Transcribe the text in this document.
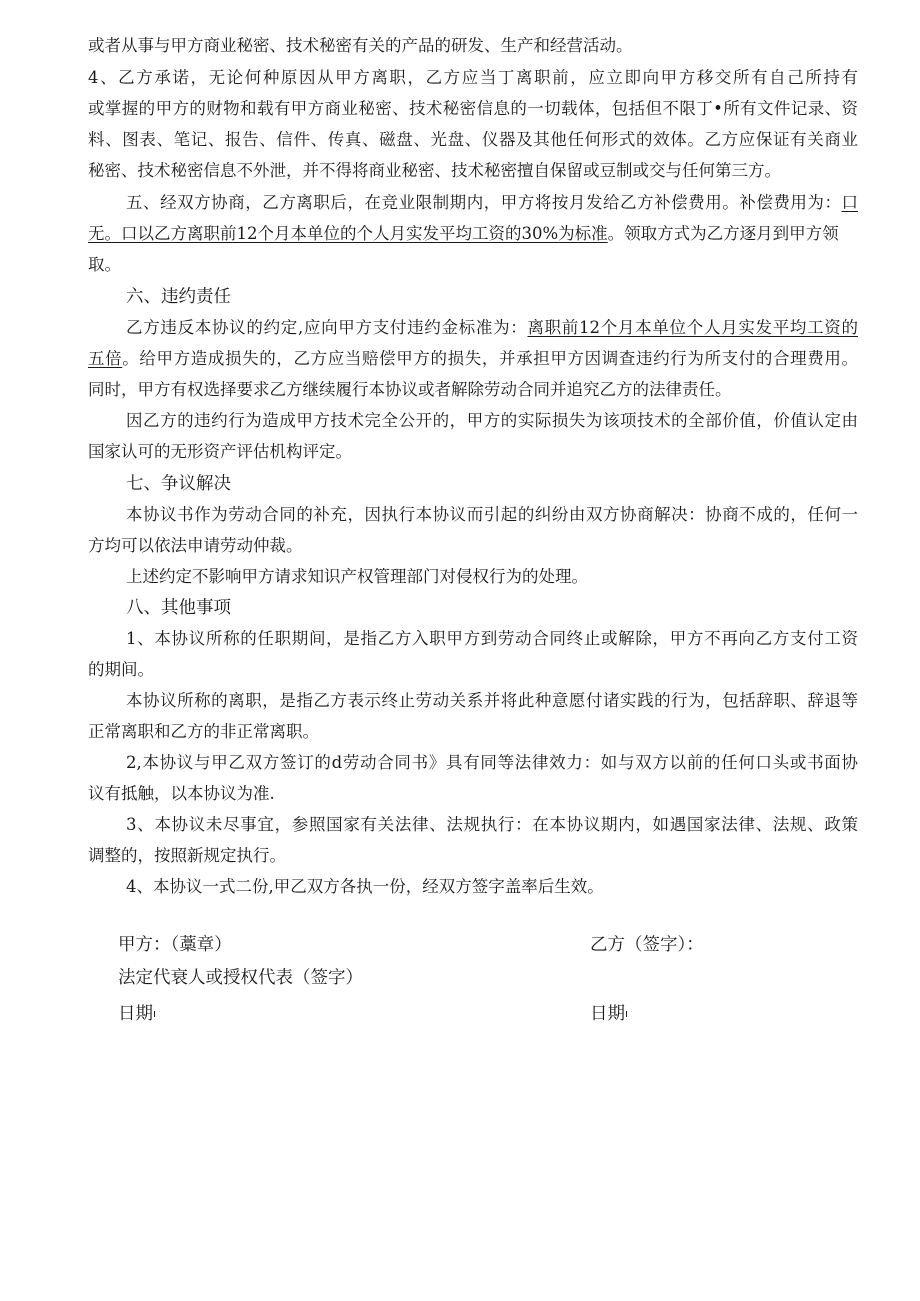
或者从事与甲方商业秘密、技术秘密有关的产品的研发、生产和经营活动。
4、乙方承诺，无论何种原因从甲方离职，乙方应当丁离职前，应立即向甲方移交所有自己所持有
或掌握的甲方的财物和载有甲方商业秘密、技术秘密信息的一切载体，包括但不限丁•所有文件记录、资
料、图表、笔记、报告、信件、传真、磁盘、光盘、仪器及其他任何形式的效体。乙方应保证有关商业
秘密、技术秘密信息不外泄，并不得将商业秘密、技术秘密擅自保留或豆制或交与任何第三方。
五、经双方协商，乙方离职后，在竞业限制期内，甲方将按月发给乙方补偿费用。补偿费用为：口
无。口以乙方离职前12个月本单位的个人月实发平均工资的30%为标准。领取方式为乙方逐月到甲方领
取。
六、违约责任
乙方违反本协议的约定,应向甲方支付违约金标准为：离职前12个月本单位个人月实发平均工资的
五倍。给甲方造成损失的，乙方应当赔偿甲方的损失，并承担甲方因调查违约行为所支付的合理费用。
同时，甲方有权选择要求乙方继续履行本协议或者解除劳动合同并追究乙方的法律责任。
因乙方的违约行为造成甲方技术完全公开的，甲方的实际损失为该项技术的全部价值，价值认定由
国家认可的无形资产评估机构评定。
七、争议解决
本协议书作为劳动合同的补充，因执行本协议而引起的纠纷由双方协商解决：协商不成的，任何一
方均可以依法申请劳动仲裁。
上述约定不影响甲方请求知识产权管理部门对侵权行为的处理。
八、其他事项
1、本协议所称的任职期间，是指乙方入职甲方到劳动合同终止或解除，甲方不再向乙方支付工资
的期间。
本协议所称的离职，是指乙方表示终止劳动关系并将此种意愿付诸实践的行为，包括辞职、辞退等
正常离职和乙方的非正常离职。
2,本协议与甲乙双方签订的d劳动合同书》具有同等法律效力：如与双方以前的任何口头或书面协
议有抵触，以本协议为准.
3、本协议未尽事宜，参照国家有关法律、法规执行：在本协议期内，如遇国家法律、法规、政策
调整的，按照新规定执行。
4、本协议一式二份,甲乙双方各执一份，经双方签字盖率后生效。
甲方：（藁章）
法定代衰人或授权代表（签字）
日期ı
乙方（签字）：
日期ı
